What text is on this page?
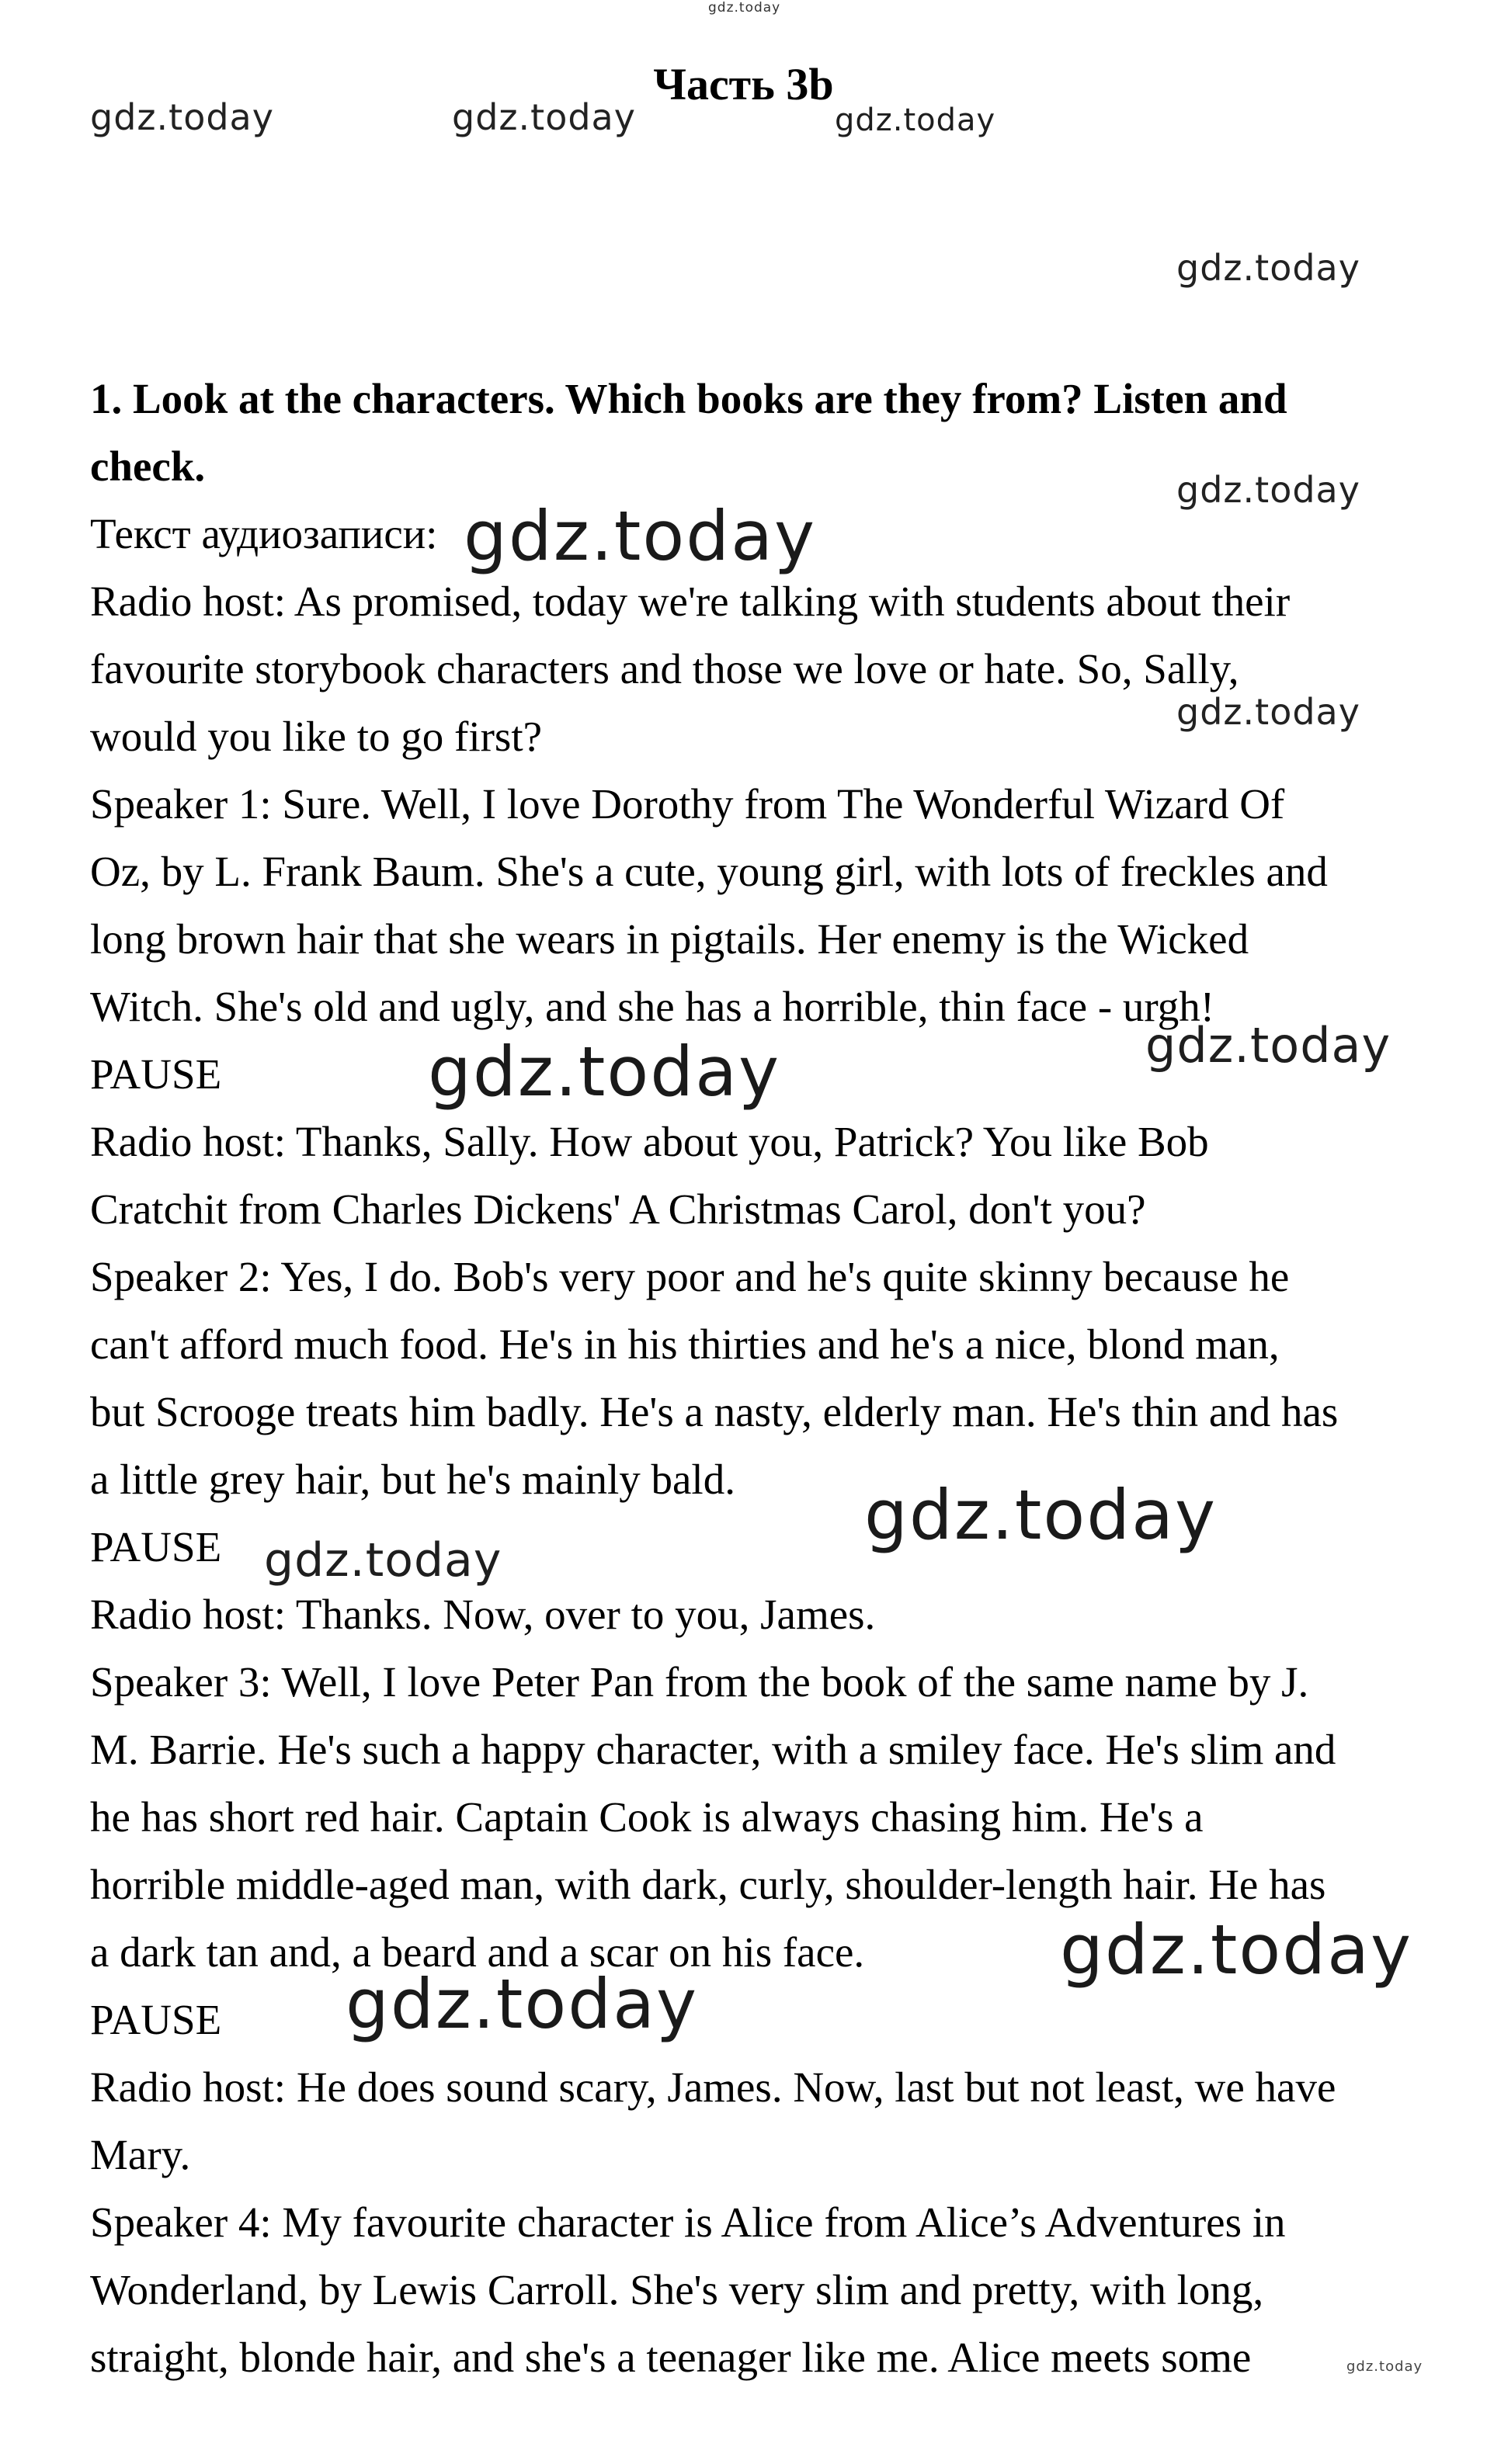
Часть 3b
1. Look at the characters. Which books are they from? Listen and
check.
Текст аудиозаписи:
Radio host: As promised, today we're talking with students about their
favourite storybook characters and those we love or hate. So, Sally,
would you like to go first?
Speaker 1: Sure. Well, I love Dorothy from The Wonderful Wizard Of
Oz, by L. Frank Baum. She's a cute, young girl, with lots of freckles and
long brown hair that she wears in pigtails. Her enemy is the Wicked
Witch. She's old and ugly, and she has a horrible, thin face - urgh!
PAUSE
Radio host: Thanks, Sally. How about you, Patrick? You like Bob
Cratchit from Charles Dickens' A Christmas Carol, don't you?
Speaker 2: Yes, I do. Bob's very poor and he's quite skinny because he
can't afford much food. He's in his thirties and he's a nice, blond man,
but Scrooge treats him badly. He's a nasty, elderly man. He's thin and has
a little grey hair, but he's mainly bald.
PAUSE
Radio host: Thanks. Now, over to you, James.
Speaker 3: Well, I love Peter Pan from the book of the same name by J.
M. Barrie. He's such a happy character, with a smiley face. He's slim and
he has short red hair. Captain Cook is always chasing him. He's a
horrible middle-aged man, with dark, curly, shoulder-length hair. He has
a dark tan and, a beard and a scar on his face.
PAUSE
Radio host: He does sound scary, James. Now, last but not least, we have
Mary.
Speaker 4: My favourite character is Alice from Alice’s Adventures in
Wonderland, by Lewis Carroll. She's very slim and pretty, with long,
straight, blonde hair, and she's a teenager like me. Alice meets some
gdz.today
gdz.today	gdz.today	gdz.today
gdz.today
gdz.today
gdz.today
gdz.today
gdz.today
gdz.today
gdz.today
gdz.today
gdz.today
gdz.today
gdz.today
